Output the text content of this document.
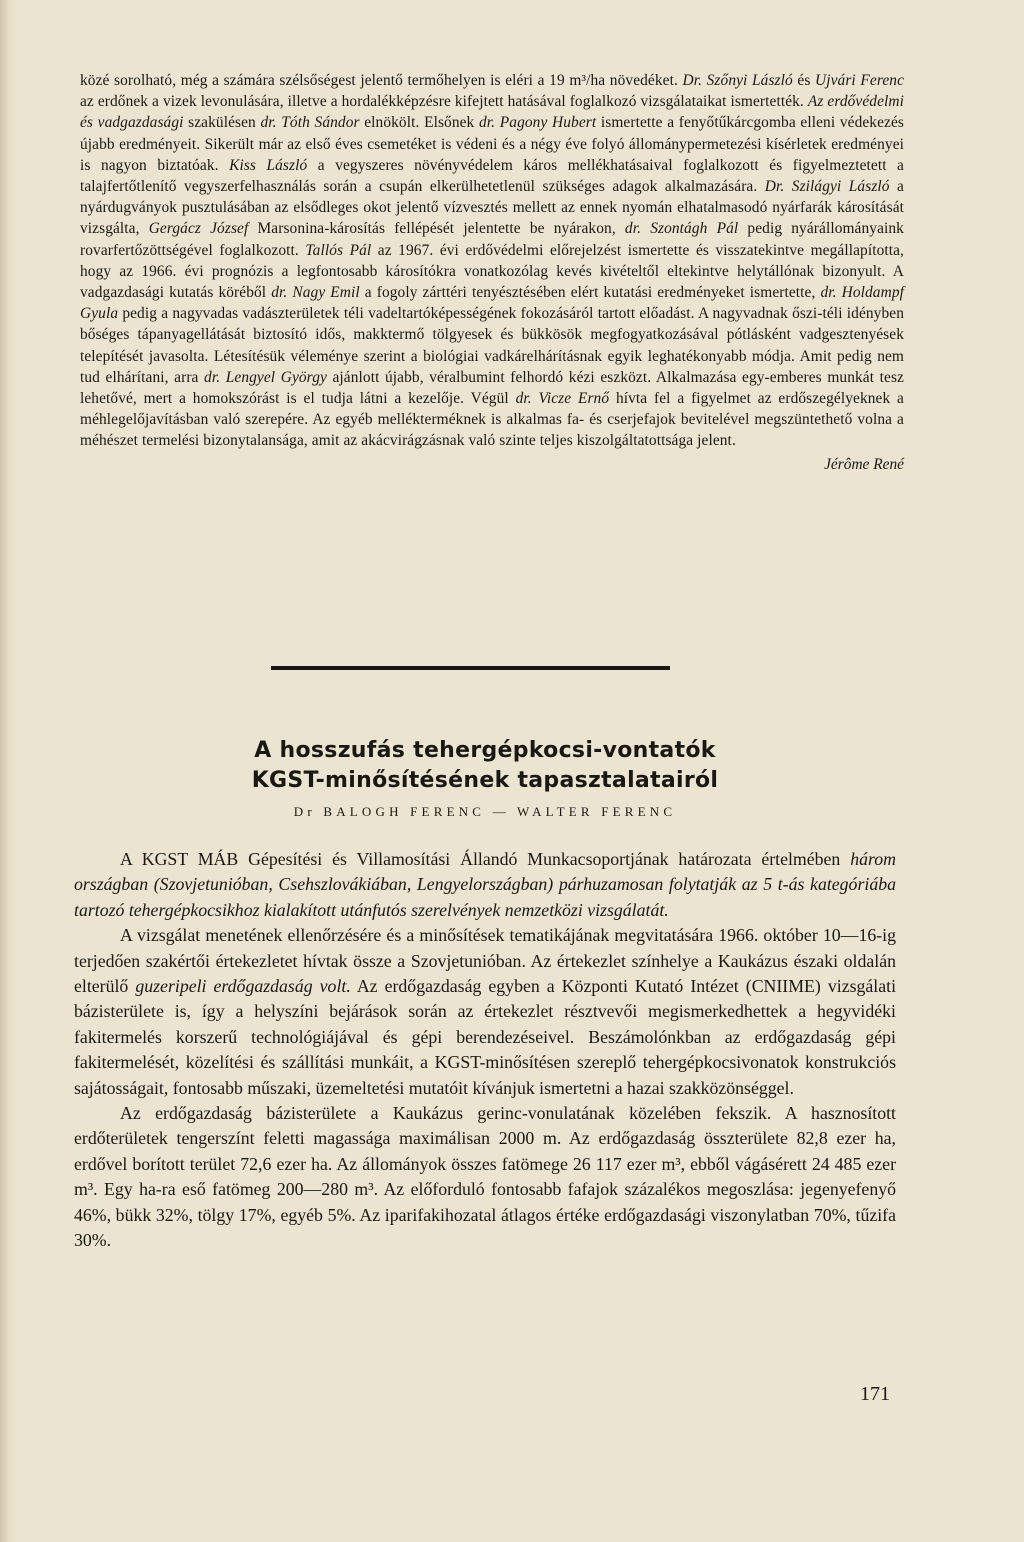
közé sorolható, még a számára szélsőségest jelentő termőhelyen is eléri a 19 m³/ha növedéket. Dr. Szőnyi László és Ujvári Ferenc az erdőnek a vizek levonulására, illetve a hordalékképzésre kifejtett hatásával foglalkozó vizsgálataikat ismertették. Az erdővédelmi és vadgazdasági szakülésen dr. Tóth Sándor elnökölt. Elsőnek dr. Pagony Hubert ismertette a fenyőtűkárcgomba elleni védekezés újabb eredményeit. Sikerült már az első éves csemetéket is védeni és a négy éve folyó állománypermetezési kísérletek eredményei is nagyon biztatóak. Kiss László a vegyszeres növényvédelem káros mellékhatásaival foglalkozott és figyelmeztetett a talajfertőtlenítő vegyszerfelhasználás során a csupán elkerülhetetlenül szükséges adagok alkalmazására. Dr. Szilágyi László a nyárdugványok pusztulásában az elsődleges okot jelentő vízvesztés mellett az ennek nyomán elhatalmasodó nyárfarák károsítását vizsgálta, Gergácz József Marsonina-károsítás fellépését jelentette be nyárakon, dr. Szontágh Pál pedig nyárállományaink rovarfertőzöttségével foglalkozott. Tallós Pál az 1967. évi erdővédelmi előrejelzést ismertette és visszatekintve megállapította, hogy az 1966. évi prognózis a legfontosabb károsítókra vonatkozólag kevés kivételtől eltekintve helytállónak bizonyult. A vadgazdasági kutatás köréből dr. Nagy Emil a fogoly zárttéri tenyésztésében elért kutatási eredményeket ismertette, dr. Holdampf Gyula pedig a nagyvadas vadászterületek téli vadeltartóképességének fokozásáról tartott előadást. A nagyvadnak őszi-téli idényben bőséges tápanyagellátását biztosító idős, makktermő tölgyesek és bükkösök megfogyatkozásával pótlásként vadgesztenyések telepítését javasolta. Létesítésük véleménye szerint a biológiai vadkárelhárításnak egyik leghatékonyabb módja. Amit pedig nem tud elhárítani, arra dr. Lengyel György ajánlott újabb, véralbumint felhordó kézi eszközt. Alkalmazása egy-emberes munkát tesz lehetővé, mert a homokszórást is el tudja látni a kezelője. Végül dr. Vicze Ernő hívta fel a figyelmet az erdőszegélyeknek a méhlegelőjavításban való szerepére. Az egyéb mellékterméknek is alkalmas fa- és cserjefajok bevitelével megszüntethető volna a méhészet termelési bizonytalansága, amit az akácvirágzásnak való szinte teljes kiszolgáltatottsága jelent.

Jérôme René
A hosszufás tehergépkocsi-vontatók
KGST-minősítésének tapasztalatairól
Dr BALOGH FERENC — WALTER FERENC

A KGST MÁB Gépesítési és Villamosítási Állandó Munkacsoportjának határozata értelmében három országban (Szovjetunióban, Csehszlovákiában, Lengyelországban) párhuzamosan folytatják az 5 t-ás kategóriába tartozó tehergépkocsikhoz kialakított utánfutós szerelvények nemzetközi vizsgálatát.

A vizsgálat menetének ellenőrzésére és a minősítések tematikájának megvitatására 1966. október 10—16-ig terjedően szakértői értekezletet hívtak össze a Szovjetunióban. Az értekezlet színhelye a Kaukázus északi oldalán elterülő guzeripeli erdőgazdaság volt. Az erdőgazdaság egyben a Központi Kutató Intézet (CNIIME) vizsgálati bázisterülete is, így a helyszíni bejárások során az értekezlet résztvevői megismerkedhettek a hegyvidéki fakitermelés korszerű technológiájával és gépi berendezéseivel. Beszámolónkban az erdőgazdaság gépi fakitermelését, közelítési és szállítási munkáit, a KGST-minősítésen szereplő tehergépkocsivonatok konstrukciós sajátosságait, fontosabb műszaki, üzemeltetési mutatóit kívánjuk ismertetni a hazai szakközönséggel.

Az erdőgazdaság bázisterülete a Kaukázus gerinc-vonulatának közelében fekszik. A hasznosított erdőterületek tengerszínt feletti magassága maximálisan 2000 m. Az erdőgazdaság összterülete 82,8 ezer ha, erdővel borított terület 72,6 ezer ha. Az állományok összes fatömege 26 117 ezer m³, ebből vágásérett 24 485 ezer m³. Egy ha-ra eső fatömeg 200—280 m³. Az előforduló fontosabb fafajok százalékos megoszlása: jegenyefenyő 46%, bükk 32%, tölgy 17%, egyéb 5%. Az iparifakihozatal átlagos értéke erdőgazdasági viszonylatban 70%, tűzifa 30%.

171
